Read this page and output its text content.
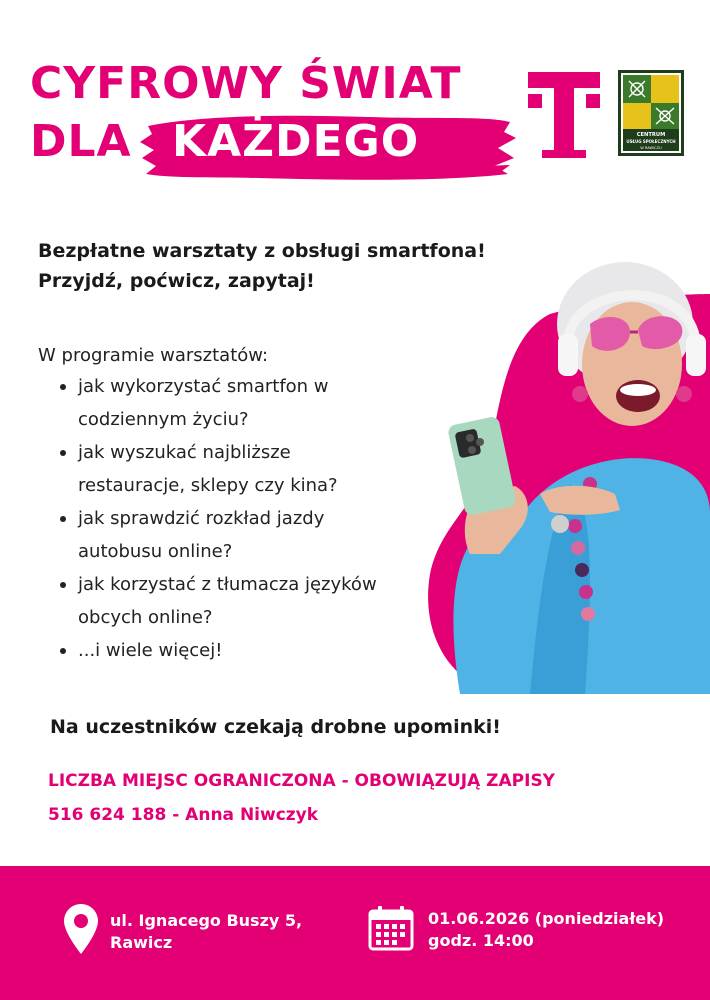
CYFROWY ŚWIAT
DLA KAŻDEGO	CENTRUM
USŁUG SPOŁECZNYCH
W RAWICZU
Bezpłatne warsztaty z obsługi smartfona!
Przyjdź, poćwicz, zapytaj!
W programie warsztatów:
jak wykorzystać smartfon w
codziennym życiu?
jak wyszukać najbliższe
restauracje, sklepy czy kina?
jak sprawdzić rozkład jazdy
autobusu online?
jak korzystać z tłumacza języków
obcych online?
...i wiele więcej!
Na uczestników czekają drobne upominki!
LICZBA MIEJSC OGRANICZONA - OBOWIĄZUJĄ ZAPISY
516 624 188 - Anna Niwczyk
ul. Ignacego Buszy 5,
Rawicz
01.06.2026 (poniedziałek)
godz. 14:00
